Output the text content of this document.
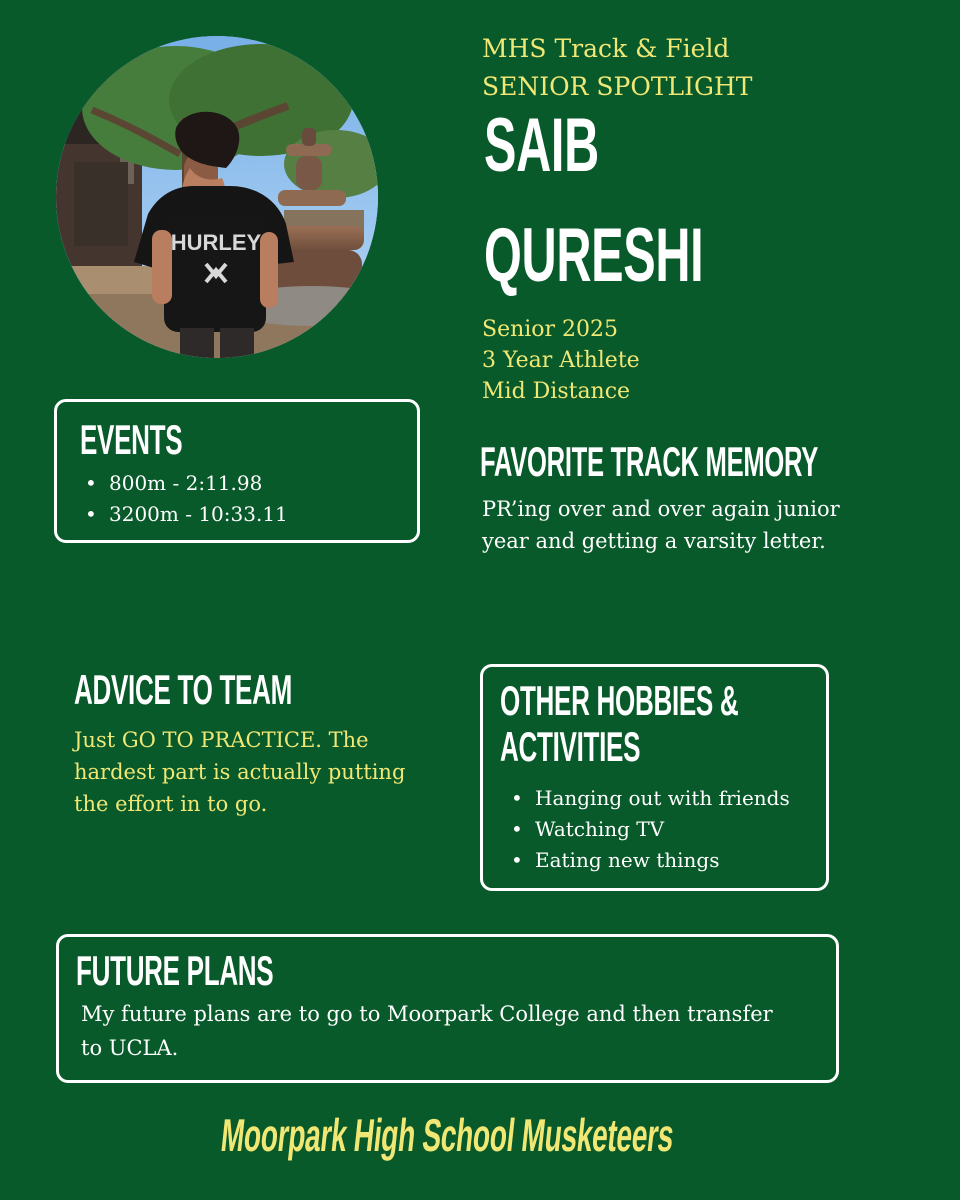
HURLEY
MHS Track & Field
SENIOR SPOTLIGHT
SAIB
QURESHI
Senior 2025
3 Year Athlete
Mid Distance
EVENTS
• 800m - 2:11.98
• 3200m - 10:33.11
FAVORITE TRACK MEMORY
PR’ing over and over again junior year and getting a varsity letter.
ADVICE TO TEAM
Just GO TO PRACTICE. The hardest part is actually putting the effort in to go.
OTHER HOBBIES &
ACTIVITIES
• Hanging out with friends
• Watching TV
• Eating new things
FUTURE PLANS
My future plans are to go to Moorpark College and then transfer to UCLA.
Moorpark High School Musketeers
